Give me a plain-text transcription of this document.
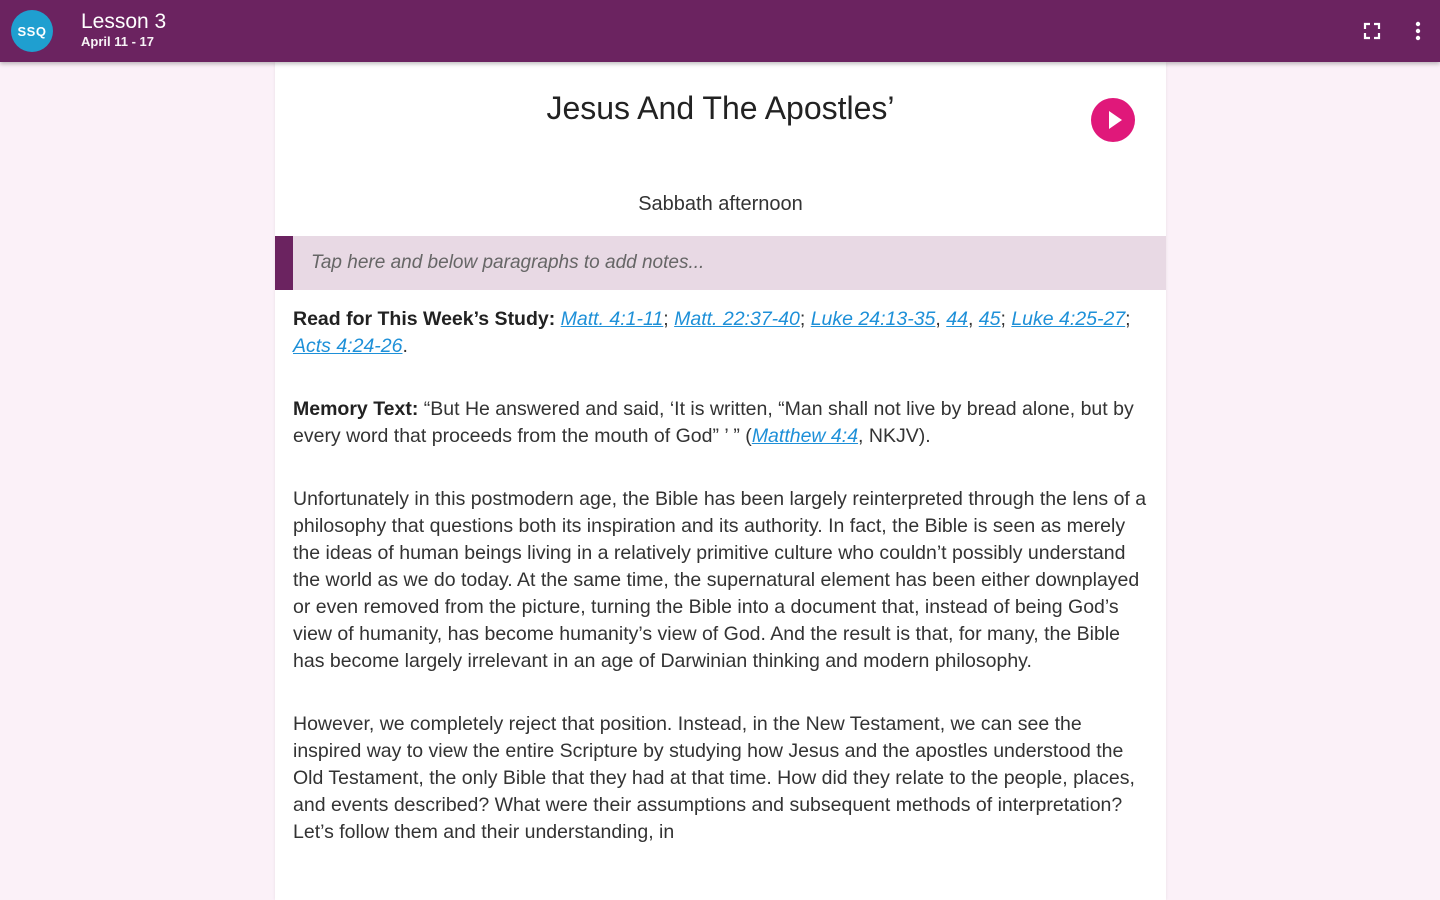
SSQ	Lesson 3
April 11 - 17
Jesus And The Apostles’
Sabbath afternoon
Tap here and below paragraphs to add notes...

Read for This Week’s Study: Matt. 4:1-11; Matt. 22:37-40; Luke 24:13-35, 44, 45; Luke 4:25-27; Acts 4:24-26.

Memory Text: “But He answered and said, ‘It is written, “Man shall not live by bread alone, but by every word that proceeds from the mouth of God” ’ ” (Matthew 4:4, NKJV).

Unfortunately in this postmodern age, the Bible has been largely reinterpreted through the lens of a philosophy that questions both its inspiration and its authority. In fact, the Bible is seen as merely the ideas of human beings living in a relatively primitive culture who couldn’t possibly understand the world as we do today. At the same time, the supernatural element has been either downplayed or even removed from the picture, turning the Bible into a document that, instead of being God’s view of humanity, has become humanity’s view of God. And the result is that, for many, the Bible has become largely irrelevant in an age of Darwinian thinking and modern philosophy.

However, we completely reject that position. Instead, in the New Testament, we can see the inspired way to view the entire Scripture by studying how Jesus and the apostles understood the Old Testament, the only Bible that they had at that time. How did they relate to the people, places, and events described? What were their assumptions and subsequent methods of interpretation? Let’s follow them and their understanding, in
